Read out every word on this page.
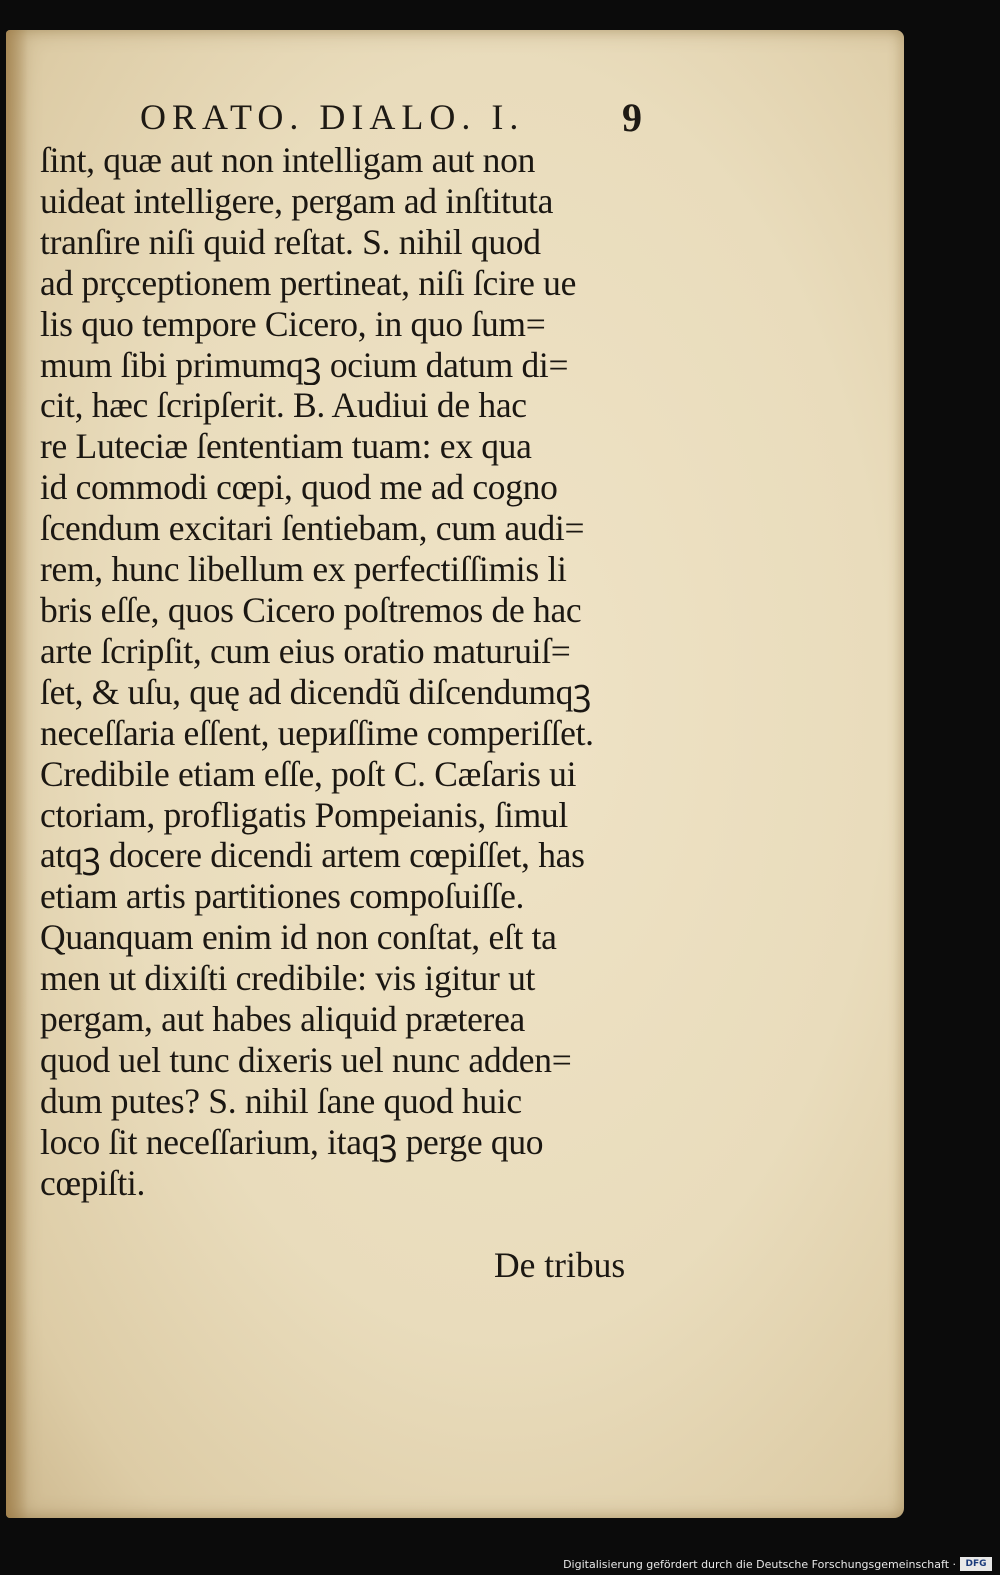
ORATO. DIALO. I. 9
ſint, quæ aut non intelligam aut non
uideat intelligere, pergam ad inſtituta
tranſire niſi quid reſtat. S. nihil quod
ad prçceptionem pertineat, niſi ſcire ue
lis quo tempore Cicero, in quo ſum=
mum ſibi primumqꝫ ocium datum di=
cit, hæc ſcripſerit. B. Audiui de hac
re Luteciæ ſententiam tuam: ex qua
id commodi cœpi, quod me ad cogno
ſcendum excitari ſentiebam, cum audi=
rem, hunc libellum ex perfectiſſimis li
bris eſſe, quos Cicero poſtremos de hac
arte ſcripſit, cum eius oratio maturuiſ=
ſet, & uſu, quę ad dicendũ diſcendumqꝫ
neceſſaria eſſent, uериſſime comperiſſet.
Credibile etiam eſſe, poſt C. Cæſaris ui
ctoriam, profligatis Pompeianis, ſimul
atqꝫ docere dicendi artem cœpiſſet, has
etiam artis partitiones compoſuiſſe.
Quanquam enim id non conſtat, eſt ta
men ut dixiſti credibile: vis igitur ut
pergam, aut habes aliquid præterea
quod uel tunc dixeris uel nunc adden=
dum putes? S. nihil ſane quod huic
loco ſit neceſſarium, itaqꝫ perge quo
cœpiſti.
De tribus
Digitalisierung gefördert durch die Deutsche Forschungsgemeinschaft ·	DFG
